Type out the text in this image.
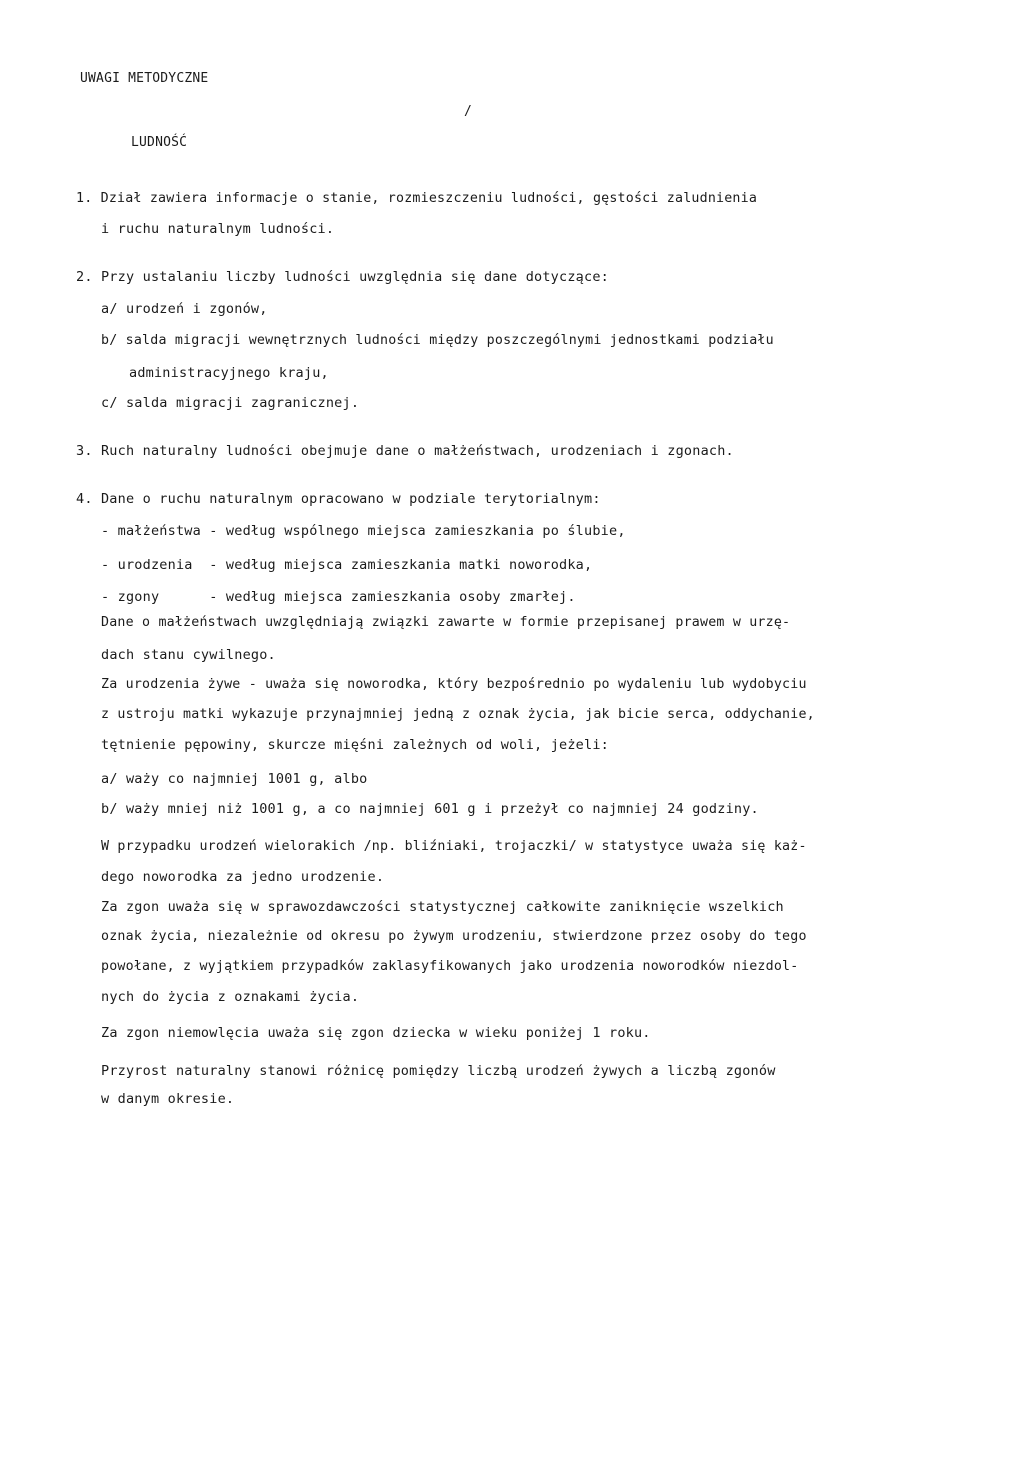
UWAGI METODYCZNE
/
LUDNOŚĆ
1. Dział zawiera informacje o stanie, rozmieszczeniu ludności, gęstości zaludnienia
i ruchu naturalnym ludności.
2. Przy ustalaniu liczby ludności uwzględnia się dane dotyczące:
a/ urodzeń i zgonów,
b/ salda migracji wewnętrznych ludności między poszczególnymi jednostkami podziału
administracyjnego kraju,
c/ salda migracji zagranicznej.
3. Ruch naturalny ludności obejmuje dane o małżeństwach, urodzeniach i zgonach.
4. Dane o ruchu naturalnym opracowano w podziale terytorialnym:
- małżeństwa - według wspólnego miejsca zamieszkania po ślubie,
- urodzenia  - według miejsca zamieszkania matki noworodka,
- zgony      - według miejsca zamieszkania osoby zmarłej.
Dane o małżeństwach uwzględniają związki zawarte w formie przepisanej prawem w urzę-
dach stanu cywilnego.
Za urodzenia żywe - uważa się noworodka, który bezpośrednio po wydaleniu lub wydobyciu
z ustroju matki wykazuje przynajmniej jedną z oznak życia, jak bicie serca, oddychanie,
tętnienie pępowiny, skurcze mięśni zależnych od woli, jeżeli:
a/ waży co najmniej 1001 g, albo
b/ waży mniej niż 1001 g, a co najmniej 601 g i przeżył co najmniej 24 godziny.
W przypadku urodzeń wielorakich /np. bliźniaki, trojaczki/ w statystyce uważa się każ-
dego noworodka za jedno urodzenie.
Za zgon uważa się w sprawozdawczości statystycznej całkowite zaniknięcie wszelkich
oznak życia, niezależnie od okresu po żywym urodzeniu, stwierdzone przez osoby do tego
powołane, z wyjątkiem przypadków zaklasyfikowanych jako urodzenia noworodków niezdol-
nych do życia z oznakami życia.
Za zgon niemowlęcia uważa się zgon dziecka w wieku poniżej 1 roku.
Przyrost naturalny stanowi różnicę pomiędzy liczbą urodzeń żywych a liczbą zgonów
w danym okresie.
